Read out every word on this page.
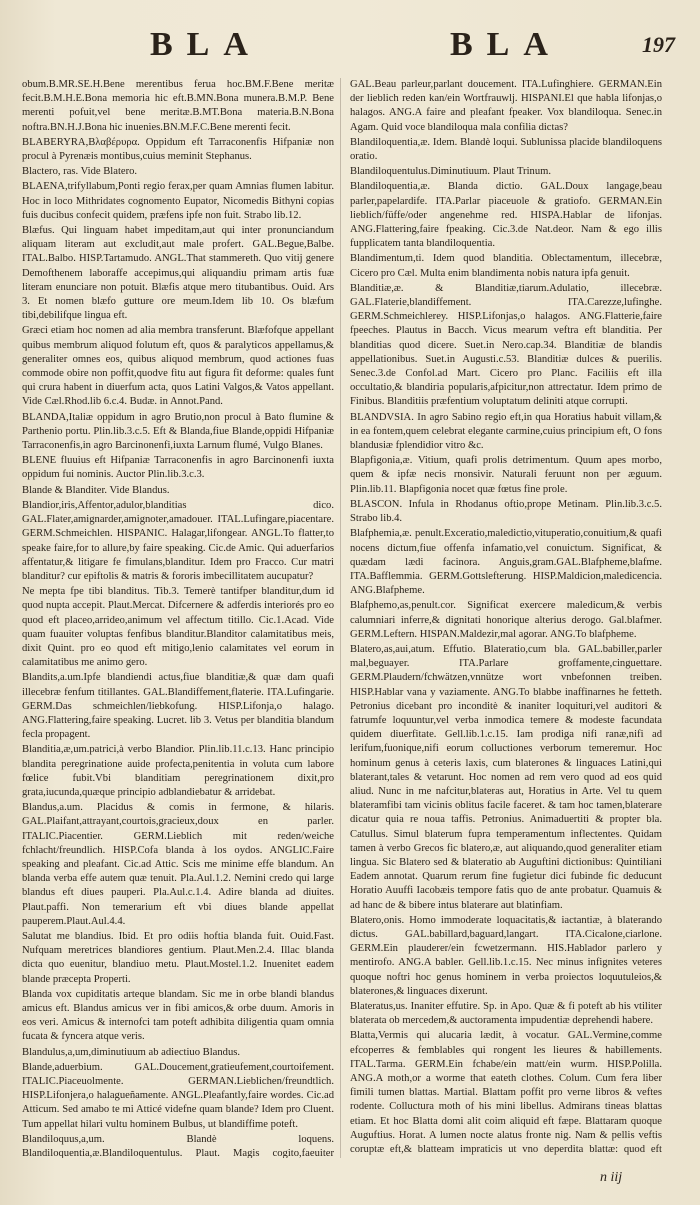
BLA	BLA	197

obum.B.MR.SE.H.Bene merentibus ferua hoc.BM.F.Bene meritæ fecit.B.M.H.E.Bona memoria hic eft.B.MN.Bona munera.B.M.P. Bene merenti pofuit,vel bene meritæ.B.MT.Bona materia.B.N.Bona noftra.BN.H.J.Bona hic inuenies.BN.M.F.C.Bene merenti fecit.

BLABERYRA,Βλαβέρυρα. Oppidum eft Tarraconenfis Hifpaniæ non procul à Pyrenæis montibus,cuius meminit Stephanus.

Blactero, ras. Vide Blatero.

BLAENA,trifyllabum,Ponti regio ferax,per quam Amnias flumen labitur. Hoc in loco Mithridates cognomento Eupator, Nicomedis Bithyni copias fuis ducibus confecit quidem, præfens ipfe non fuit. Strabo lib.12.

Blæfus. Qui linguam habet impeditam,aut qui inter pronunciandum aliquam literam aut excludit,aut male profert. GAL.Begue,Balbe. ITAL.Balbo. HISP.Tartamudo. ANGL.That stammereth. Quo vitij genere Demofthenem laboraffe accepimus,qui aliquandiu primam artis fuæ literam enunciare non potuit. Blæfis atque mero titubantibus. Ouid. Ars 3. Et nomen blæfo gutture ore meum.Idem lib 10. Os blæfum tibi,debilifque lingua eft.

Græci etiam hoc nomen ad alia membra transferunt. Blæfofque appellant quibus membrum aliquod folutum eft, quos & paralyticos appellamus,& generaliter omnes eos, quibus aliquod membrum, quod actiones fuas commode obire non poffit,quodve fitu aut figura fit deforme: quales funt qui crura habent in diuerfum acta, quos Latini Valgos,& Vatos appellant. Vide Cæl.Rhod.lib 6.c.4. Budæ. in Annot.Pand.

BLANDA,Italiæ oppidum in agro Brutio,non procul à Bato flumine & Parthenio portu. Plin.lib.3.c.5. Eft & Blanda,fiue Blande,oppidi Hifpaniæ Tarraconenfis,in agro Barcinonenfi,iuxta Larnum flumé, Vulgo Blanes.

BLENE fluuius eft Hifpaniæ Tarraconenfis in agro Barcinonenfi iuxta oppidum fui nominis. Auctor Plin.lib.3.c.3.

Blande & Blanditer. Vide Blandus.

Blandior,iris,Affentor,adulor,blanditias dico. GAL.Flater,amignarder,amignoter,amadouer. ITAL.Lufingare,piacentare. GERM.Schmeichlen. HISPANIC. Halagar,lifongear. ANGL.To flatter,to speake faire,for to allure,by faire speaking. Cic.de Amic. Qui aduerfarios affentatur,& litigare fe fimulans,blanditur. Idem pro Fracco. Cur matri blanditur? cur epiftolis & matris & fororis imbecillitatem aucupatur?

Ne mepta fpe tibi blanditus. Tib.3. Temerè tantifper blanditur,dum id quod nupta accepit. Plaut.Mercat. Difcernere & adferdis interiorés pro eo quod eft placeo,arrideo,animum vel affectum titillo. Cic.1.Acad. Vide quam fuauiter voluptas fenfibus blanditur.Blanditor calamitatibus meis, dixit Quint. pro eo quod eft mitigo,lenio calamitates vel eorum in calamitatibus me animo gero.

Blandits,a.um.Ipfe blandiendi actus,fiue blanditiæ,& quæ dam quafi illecebræ fenfum titillantes. GAL.Blandiffement,flaterie. ITA.Lufingarie. GERM.Das schmeichlen/liebkofung. HISP.Lifonja,o halago. ANG.Flattering,faire speaking. Lucret. lib 3. Vetus per blanditia blandum fecla propagent.

Blanditia,æ,um.patrici,à verbo Blandior. Plin.lib.11.c.13. Hanc principio blandita peregrinatione auide profecta,penitentia in voluta cum labore fœlice fubit.Vbi blanditiam peregrinationem dixit,pro grata,iucunda,quæque principio adblandiebatur & arridebat.

Blandus,a.um. Placidus & comis in fermone, & hilaris. GAL.Plaifant,attrayant,courtois,gracieux,doux en parler. ITALIC.Piacentier. GERM.Lieblich mit reden/weiche fchlacht/freundlich. HISP.Cofa blanda à los oydos. ANGLIC.Faire speaking and pleafant. Cic.ad Attic. Scis me minime effe blandum. An blanda verba effe autem quæ tenuit. Pla.Aul.1.2. Nemini credo qui large blandus eft diues pauperi. Pla.Aul.c.1.4. Adire blanda ad diuites. Plaut.paffi. Non temerarium eft vbi diues blande appellat pauperem.Plaut.Aul.4.4.

Salutat me blandius. Ibid. Et pro odiis hoftia blanda fuit. Ouid.Fast. Nufquam meretrices blandiores gentium. Plaut.Men.2.4. Illac blanda dicta quo euenitur, blandiuo metu. Plaut.Mostel.1.2. Inuenitet eadem blande præcepta Properti.

Blanda vox cupiditatis arteque blandam. Sic me in orbe blandi blandus amicus eft. Blandus amicus ver in fibi amicos,& orbe duum. Amoris in eos veri. Amicus & internofci tam poteft adhibita diligentia quam omnia fucata & fyncera atque veris.

Blandulus,a,um,diminutiuum ab adiectiuo Blandus.

Blande,aduerbium. GAL.Doucement,gratieufement,courtoifement. ITALIC.Piaceuolmente. GERMAN.Lieblichen/freundtlich. HISP.Lifonjera,o halagueñamente. ANGL.Pleafantly,faire wordes. Cic.ad Atticum. Sed amabo te mi Atticé videfne quam blande? Idem pro Cluent. Tum appellat hilari vultu hominem Bulbus, ut blandiffime poteft.

Blandiloquus,a,um. Blandè loquens. Blandiloquentia,æ.Blandiloquentulus. Plaut. Magis cogito,faeuiter

GAL.Beau parleur,parlant doucement. ITA.Lufinghiere. GERMAN.Ein der lieblich reden kan/ein Wortfrauwlj. HISPANI.El que habla lifonjas,o halagos. ANG.A faire and pleafant fpeaker. Vox blandiloqua. Senec.in Agam. Quid voce blandiloqua mala confilia dictas?

Blandiloquentia,æ. Idem. Blandè loqui. Sublunissa placide blandiloquens oratio.

Blandiloquentulus.Diminutiuum. Plaut Trinum.

Blandiloquentia,æ. Blanda dictio. GAL.Doux langage,beau parler,papelardife. ITA.Parlar piaceuole & gratiofo. GERMAN.Ein lieblich/füffe/oder angenehme red. HISPA.Hablar de lifonjas. ANG.Flattering,faire fpeaking. Cic.3.de Nat.deor. Nam & ego illis fupplicatem tanta blandiloquentia.

Blandimentum,ti. Idem quod blanditia. Oblectamentum, illecebræ, Cicero pro Cæl. Multa enim blandimenta nobis natura ipfa genuit.

Blanditiæ,æ. & Blanditiæ,tiarum.Adulatio, illecebræ. GAL.Flaterie,blandiffement. ITA.Carezze,lufinghe. GERM.Schmeichlerey. HISP.Lifonjas,o halagos. ANG.Flatterie,faire fpeeches. Plautus in Bacch. Vicus mearum veftra eft blanditia. Per blanditias quod dicere. Suet.in Nero.cap.34. Blanditiæ de blandis appellationibus. Suet.in Augusti.c.53. Blanditiæ dulces & puerilis. Senec.3.de Confol.ad Mart. Cicero pro Planc. Faciliis eft illa occultatio,& blandiria popularis,afpicitur,non attrectatur. Idem primo de Finibus. Blanditiis præfentium voluptatum deliniti atque corrupti.

BLANDVSIA. In agro Sabino regio eft,in qua Horatius habuit villam,& in ea fontem,quem celebrat elegante carmine,cuius principium eft, O fons blandusiæ fplendidior vitro &c.

Blapfigonia,æ. Vitium, quafi prolis detrimentum. Quum apes morbo, quem & ipfæ necis rnonsivir. Naturali feruunt non per æguum. Plin.lib.11. Blapfigonia nocet quæ fœtus fine prole.

BLASCON. Infula in Rhodanus oftio,prope Metinam. Plin.lib.3.c.5. Strabo lib.4.

Blafphemia,æ. penult.Exceratio,maledictio,vituperatio,conuitium,& quafi nocens dictum,fiue offenfa infamatio,vel conuictum. Significat, & quædam lædi facinora. Anguis,gram.GAL.Blafpheme,blafme. ITA.Bafflemmia. GERM.Gottslefterung. HISP.Maldicion,maledicencia. ANG.Blafpheme.

Blafphemo,as,penult.cor. Significat exercere maledicum,& verbis calumniari inferre,& dignitati honorique alterius derogo. Gal.blafmer. GERM.Leftern. HISPAN.Maldezir,mal agorar. ANG.To blafpheme.

Blatero,as,aui,atum. Effutio. Blateratio,cum bla. GAL.babiller,parler mal,beguayer. ITA.Parlare groffamente,cinguettare. GERM.Plaudern/fchwätzen,vnnütze wort vnbefonnen treiben. HISP.Hablar vana y vaziamente. ANG.To blabbe inaffinarnes he fetteth. Petronius dicebant pro inconditè & inaniter loquituri,vel auditori & fatrumfe loquuntur,vel verba inmodica temere & modeste facundata quidem diuerfitate. Gell.lib.1.c.15. Iam prodiga nifi ranæ,nifi ad lerifum,fuonique,nifi eorum colluctiones verborum temeremur. Hoc hominum genus à ceteris laxis, cum blaterones & linguaces Latini,qui blaterant,tales & vetarunt. Hoc nomen ad rem vero quod ad eos quid aliud. Nunc in me nafcitur,blateras aut, Horatius in Arte. Vel tu quem blateramfibi tam vicinis oblitus facile faceret. & tam hoc tamen,blaterare dicatur quia re noua taffis. Petronius. Animaduertiti & propter bla. Catullus. Simul blaterum fupra temperamentum inflectentes. Quidam tamen à verbo Grecos fic blatero,æ, aut aliquando,quod generaliter etiam lingua. Sic Blatero sed & blateratio ab Auguftini dictionibus: Quintiliani Eadem annotat. Quarum rerum fine fugietur dici fubinde fic deducunt Horatio Auuffi Iacobæis tempore fatis quo de ante probatur. Quamuis & ad hanc de & bibere intus blaterare aut blatinfiam.

Blatero,onis. Homo immoderate loquacitatis,& iactantiæ, à blaterando dictus. GAL.babillard,baguard,langart. ITA.Cicalone,ciarlone. GERM.Ein plauderer/ein fcwetzermann. HIS.Hablador parlero y mentirofo. ANG.A babler. Gell.lib.1.c.15. Nec minus infignites veteres quoque noftri hoc genus hominem in verba proiectos loquutuleios,& blaterones,& linguaces dixerunt.

Blateratus,us. Inaniter effutire. Sp. in Apo. Quæ & fi poteft ab his vtiliter blaterata ob mercedem,& auctoramenta impudentiæ deprehendi habere.

Blatta,Vermis qui alucaria lædit, à vocatur. GAL.Vermine,comme efcoperres & femblables qui rongent les lieures & habillements. ITAL.Tarma. GERM.Ein fchabe/ein matt/ein wurm. HISP.Polilla. ANG.A moth,or a worme that eateth clothes. Colum. Cum fera liber fimili tumen blattas. Martial. Blattam poffit pro verne libros & veftes rodente. Colluctura moth of his mini libellus. Admirans tineas blattas etiam. Et hoc Blatta domi alit coim aliquid eft fæpe. Blattaram quoque Auguftius. Horat. A lumen nocte alatus fronte nig. Nam & pellis veftis coruptæ eft,& blatteam impraticis ut vno deperdita blattæ: quod eft

n iij
